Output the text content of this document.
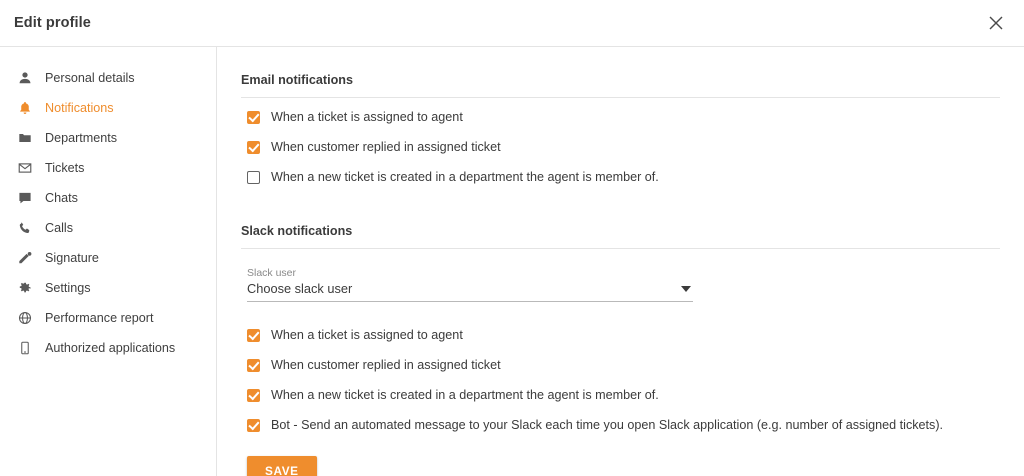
Edit profile
Personal details
Notifications
Departments
Tickets
Chats
Calls
Signature
Settings
Performance report
Authorized applications
Email notifications
When a ticket is assigned to agent
When customer replied in assigned ticket
When a new ticket is created in a department the agent is member of.
Slack notifications
Slack user
Choose slack user
When a ticket is assigned to agent
When customer replied in assigned ticket
When a new ticket is created in a department the agent is member of.
Bot - Send an automated message to your Slack each time you open Slack application (e.g. number of assigned tickets).
SAVE
